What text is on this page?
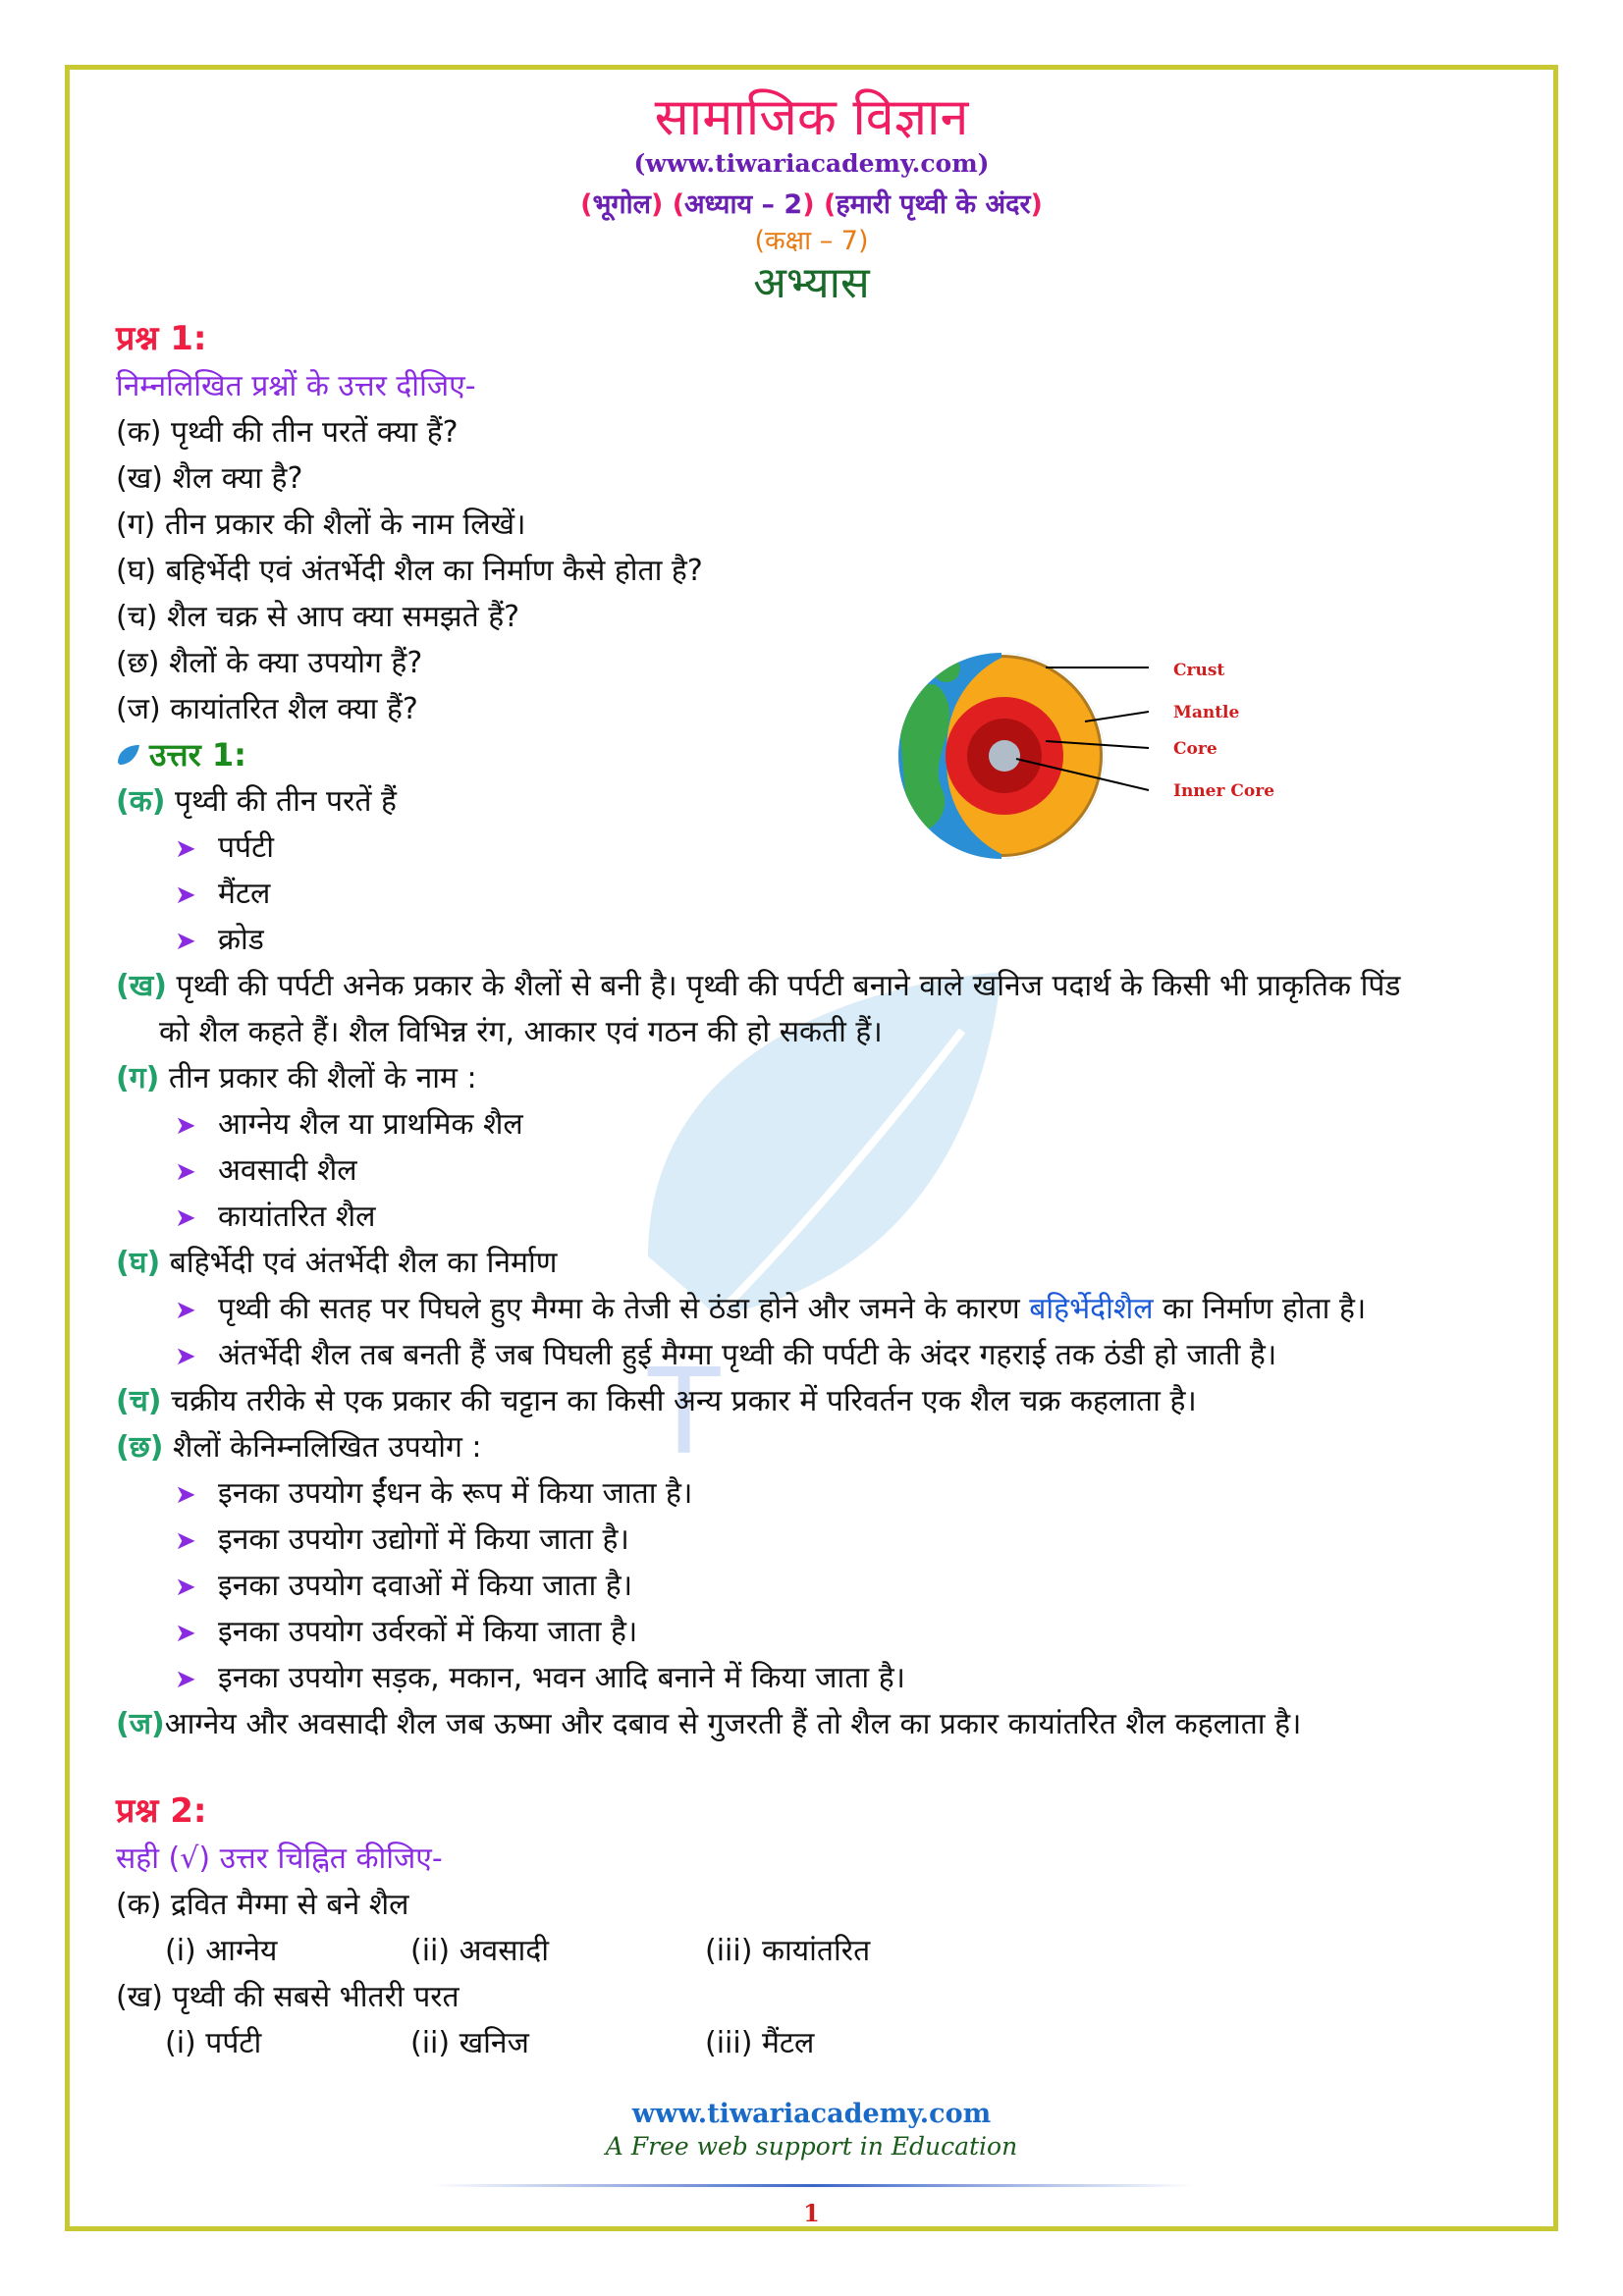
सामाजिक विज्ञान
(www.tiwariacademy.com)
(भूगोल) (अध्याय – 2) (हमारी पृथ्वी के अंदर)
(कक्षा – 7)
अभ्यास
T
Crust
Mantle
Core
Inner Core
प्रश्न 1:
निम्नलिखित प्रश्नों के उत्तर दीजिए-
(क) पृथ्वी की तीन परतें क्या हैं?
(ख) शैल क्या है?
(ग) तीन प्रकार की शैलों के नाम लिखें।
(घ) बहिर्भेदी एवं अंतर्भेदी शैल का निर्माण कैसे होता है?
(च) शैल चक्र से आप क्या समझते हैं?
(छ) शैलों के क्या उपयोग हैं?
(ज) कायांतरित शैल क्या हैं?
उत्तर 1:
(क) पृथ्वी की तीन परतें हैं
➤ पर्पटी
➤ मैंटल
➤ क्रोड
(ख) पृथ्वी की पर्पटी अनेक प्रकार के शैलों से बनी है। पृथ्वी की पर्पटी बनाने वाले खनिज पदार्थ के किसी भी प्राकृतिक पिंड
को शैल कहते हैं। शैल विभिन्न रंग, आकार एवं गठन की हो सकती हैं।
(ग) तीन प्रकार की शैलों के नाम :
➤ आग्नेय शैल या प्राथमिक शैल
➤ अवसादी शैल
➤ कायांतरित शैल
(घ) बहिर्भेदी एवं अंतर्भेदी शैल का निर्माण
➤ पृथ्वी की सतह पर पिघले हुए मैग्मा के तेजी से ठंडा होने और जमने के कारण बहिर्भेदीशैल का निर्माण होता है।
➤ अंतर्भेदी शैल तब बनती हैं जब पिघली हुई मैग्मा पृथ्वी की पर्पटी के अंदर गहराई तक ठंडी हो जाती है।
(च) चक्रीय तरीके से एक प्रकार की चट्टान का किसी अन्य प्रकार में परिवर्तन एक शैल चक्र कहलाता है।
(छ) शैलों केनिम्नलिखित उपयोग :
➤ इनका उपयोग ईंधन के रूप में किया जाता है।
➤ इनका उपयोग उद्योगों में किया जाता है।
➤ इनका उपयोग दवाओं में किया जाता है।
➤ इनका उपयोग उर्वरकों में किया जाता है।
➤ इनका उपयोग सड़क, मकान, भवन आदि बनाने में किया जाता है।
(ज)आग्नेय और अवसादी शैल जब ऊष्मा और दबाव से गुजरती हैं तो शैल का प्रकार कायांतरित शैल कहलाता है।
प्रश्न 2:
सही (√) उत्तर चिह्नित कीजिए-
(क) द्रवित मैग्मा से बने शैल
(i) आग्नेय	(ii) अवसादी	(iii) कायांतरित
(ख) पृथ्वी की सबसे भीतरी परत
(i) पर्पटी	(ii) खनिज	(iii) मैंटल
www.tiwariacademy.com
A Free web support in Education
1
